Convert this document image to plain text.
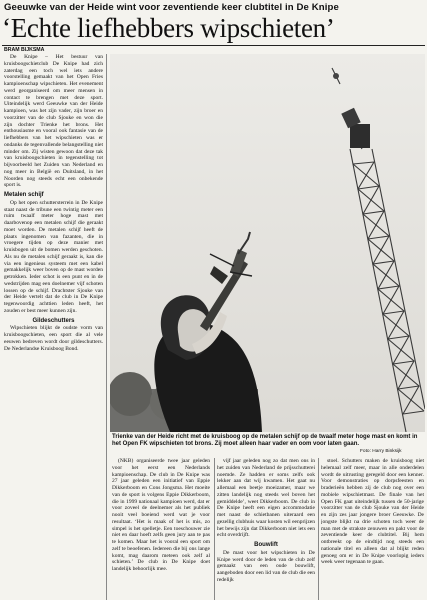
Geeuwke van der Heide wint voor zeventiende keer clubtitel in De Knipe
‘Echte liefhebbers wipschieten’
BRAM BIJKSMA

De Knipe – Het bestuur van kruisboogschietclub De Knipe had zich zaterdag een toch wel iets andere voorstelling gemaakt van het Open Fries kampioenschap wipschieten. Het evenement werd georganiseerd om meer mensen in contact te brengen met deze sport. Uiteindelijk werd Geeuwke van der Heide kampioen, was het zijn vader, zijn broer en voorzitter van de club Sjouke en won die zijn dochter Trienke het brons. Het enthousiasme en vooral ook fantasie van de liefhebbers van het wipschieten was er ondanks de tegenvallende belangstelling niet minder om. Zij wisten gewoon dat deze tak van kruisboogschieten in tegenstelling tot bijvoorbeeld het Zuiden van Nederland en nog meer in België en Duitsland, in het Noorden nog steeds echt een onbekende sport is.

Metalen schijf

Op het open schuttersterrein in De Knipe staat naast de tribune een twintig meter een ruim twaalf meter hoge mast met daarbovenop een metalen schijf die geraakt moet worden. De metalen schijf heeft de plaats ingenomen van fazanten, die in vroegere tijden op deze manier met kruisbogen uit de bomen werden geschoten. Als nu de metalen schijf geraakt is, kan die via een ingenieus systeem met een kabel gemakkelijk weer boven op de mast worden getrokken. Ieder schot is een punt en in de wedstrijden mag een doelnemer vijf schoten lossen op de schijf. Drachtster Sjouke van der Heide vertelt dat de club in De Knipe tegenwoordig achttien leden heeft, het zouden er best meer kunnen zijn.

Gildeschutters

Wipschieten blijkt de oudste vorm van kruisboogschieten, een sport die al vele eeuwen bedreven wordt door gildeschutters. De Nederlandse Kruisboog Bond.

Trienke van der Heide richt met de kruisboog op de metalen schijf op de twaalf meter hoge mast en komt in het Open FK wipschieten tot brons. Zij moet alleen haar vader en oom voor laten gaan.
Foto: Harry Binksijk

(NKB) organiseerde twee jaar geleden voor het eerst een Nederlands kampioenschap. De club in De Knipe was 27 jaar geleden een initiatief van Eppie Dikkerboom en Cons Jongsma. Het moeite van de sport is volgens Eppie Dikkerboom, die in 1999 nationaal kampioen werd, dat er voor zoveel de deelnemer als het publiek nooit veel boeiend werd wat je voor resultaat. ‘Het is maak of het is mis, zo simpel is het spelletje. Een toeschouwer zie niet en daar hoeft zelfs geen jury aan te pas te komen. Maar het is vooral een sport om zelf te beoefenen. Iedereen die bij ons lange komt, mag daarom meteen ook zelf al schieten.’ De club in De Knipe doet landelijk behoorlijk mee.

vijf jaar geleden nog zo dat men ons in het zuiden van Nederland de prijsschutterei noemde. Ze hadden er soms zelfs ook lekker aan dat wij kwamen. Het gaat nu allemaal een beetje moeizamer, maar we zitten landelijk nog steeds wel boven het gemiddelde’, weet Dikkerboom. De club in De Knipe heeft een eigen accommodatie met naast de schietbanen uiteraard een gezellig clubhuis waar kosten wil eenprijzen het bewijs zijn dat Dikkerboom niet iets een echt overdrijft.

Bouwlift

De mast voor het wipschieten in De Knipe werd door de leden van de club zelf gemaakt van een oude bouwlift, aangeboden door een lid van de club die een redelijk

stoel. Schutters maken de kruisboog niet helemaal zelf meer, maar in alle onderdelen wordt de uitrusting geregeld door een kenner. Voor demonstraties op dorpsfeesten en braderieën hebben zij de club nog over een mobiele wipschietmast. De finale van het Open FK gaat uiteindelijk tussen de 50-jarige voorzitter van de club Sjouke van der Heide en zijn zes jaar jongere broer Geeuwke. De jongste blijkt na drie schoten toch weer de man met de strakste zenuwen en pakt voor de zeventiende keer de clubtitel. Bij hem ontbreekt op de eindtijd nog steeds een nationale titel en alleen dat al blijkt reden genoeg om er in De Knipe voorlopig ieders week weer tegenaan te gaan.
